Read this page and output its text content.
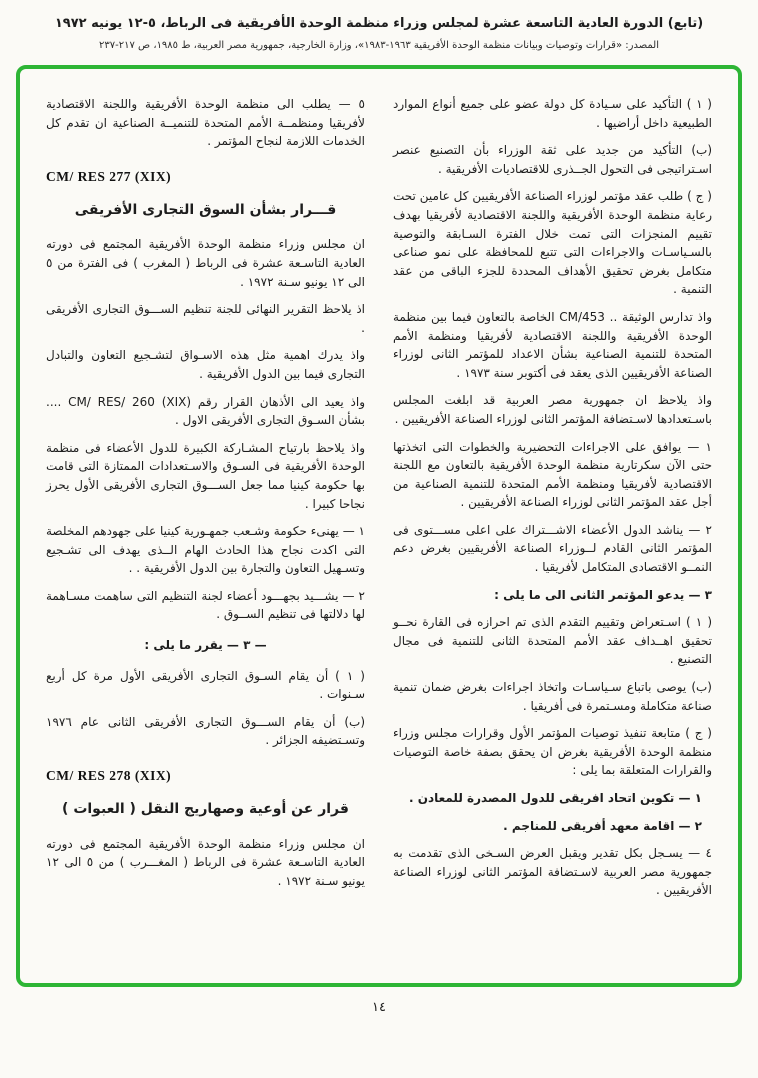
(تابع) الدورة العادية التاسعة عشرة لمجلس وزراء منظمة الوحدة الأفريقية فى الرباط، ٥-١٢ يونيه ١٩٧٢
المصدر: «قرارات وتوصيات وبيانات منظمة الوحدة الأفريقية ١٩٦٣-١٩٨٣»، وزارة الخارجية، جمهورية مصر العربية، ط ١٩٨٥، ص ٢١٧-٢٣٧

( ١ ) التأكيد على سـيادة كل دولة عضو على جميع أنواع الموارد الطبيعية داخل أراضيها .

(ب) التأكيد من جديد على ثقة الوزراء بأن التصنيع عنصر اسـتراتيجى فى التحول الجــذرى للاقتصاديات الأفريقية .

( ج ) طلب عقد مؤتمر لوزراء الصناعة الأفريقيين كل عامين تحت رعاية منظمة الوحدة الأفريقية واللجنة الاقتصادية لأفريقيا بهدف تقييم المنجزات التى تمت خلال الفترة السـابقة والتوصية بالسـياسـات والاجراءات التى تتبع للمحافظة على نمو صناعى متكامل بغرض تحقيق الأهداف المحددة للجزء الباقى من عقد التنمية .

واذ تدارس الوثيقة .. CM/453 الخاصة بالتعاون فيما بين منظمة الوحدة الأفريقية واللجنة الاقتصادية لأفريقيا ومنظمة الأمم المتحدة للتنمية الصناعية بشأن الاعداد للمؤتمر الثانى لوزراء الصناعة الأفريقيين الذى يعقد فى أكتوبر سنة ١٩٧٣ .

واذ يلاحظ ان جمهورية مصر العربية قد ابلغت المجلس باسـتعدادها لاسـتضافة المؤتمر الثانى لوزراء الصناعة الأفريقيين .

١ — يوافق على الاجراءات التحضيرية والخطوات التى اتخذتها حتى الآن سكرتارية منظمة الوحدة الأفريقية بالتعاون مع اللجنة الاقتصادية لأفريقيا ومنظمة الأمم المتحدة للتنمية الصناعية من أجل عقد المؤتمر الثانى لوزراء الصناعة الأفريقيين .

٢ — يناشد الدول الأعضاء الاشـــتراك على اعلى مســـتوى فى المؤتمر الثانى القادم لــوزراء الصناعة الأفريقيين بغرض دعم النمــو الاقتصادى المتكامل لأفريقيا .

٣ — يدعو المؤتمر الثانى الى ما يلى :

( ١ ) اسـتعراض وتقييم التقدم الذى تم احرازه فى القارة نحــو تحقيق اهــداف عقد الأمم المتحدة الثانى للتنمية فى مجال التصنيع .

(ب) يوصى باتباع سـياسـات واتخاذ اجراءات بغرض ضمان تنمية صناعة متكاملة ومسـتمرة فى أفريقيا .

( ج ) متابعة تنفيذ توصيات المؤتمر الأول وقرارات مجلس وزراء منظمة الوحدة الأفريقية بغرض ان يحقق بصفة خاصة التوصيات والقرارات المتعلقة بما يلى :

١ — تكوين اتحاد افريقى للدول المصدرة للمعادن .

٢ — اقامة معهد أفريقى للمناجم .

٤ — يسـجل بكل تقدير ويقبل العرض السـخى الذى تقدمت به جمهورية مصر العربية لاسـتضافة المؤتمر الثانى لوزراء الصناعة الأفريقيين .

٥ — يطلب الى منظمة الوحدة الأفريقية واللجنة الاقتصادية لأفريقيا ومنظمــة الأمم المتحدة للتنميــة الصناعية ان تقدم كل الخدمات اللازمة لنجاح المؤتمر .

CM/ RES 277 (XIX)

قـــرار بشأن السوق التجارى الأفريقى

ان مجلس وزراء منظمة الوحدة الأفريقية المجتمع فى دورته العادية التاسـعة عشرة فى الرباط ( المغرب ) فى الفترة من ٥ الى ١٢ يونيو سـنة ١٩٧٢ .

اذ يلاحظ التقرير النهائى للجنة تنظيم الســـوق التجارى الأفريقى .

واذ يدرك اهمية مثل هذه الاسـواق لتشـجيع التعاون والتبادل التجارى فيما بين الدول الأفريقية .

واذ يعيد الى الأذهان القرار رقم CM/ RES/ 260 (XIX) .... بشأن السـوق التجارى الأفريقى الاول .

واذ يلاحظ بارتياح المشـاركة الكبيرة للدول الأعضاء فى منظمة الوحدة الأفريقية فى السـوق والاسـتعدادات الممتازة التى قامت بها حكومة كينيا مما جعل الســـوق التجارى الأفريقى الأول يحرز نجاحا كبيرا .

١ — يهنىء حكومة وشـعب جمهـورية كينيا على جهودهم المخلصة التى اكدت نجاح هذا الحادث الهام الــذى يهدف الى تشـجيع وتسـهيل التعاون والتجارة بين الدول الأفريقية . .

٢ — يشـــيد بجهـــود أعضاء لجنة التنظيم التى ساهمت مسـاهمة لها دلالتها فى تنظيم الســوق .

— ٣ — يقرر ما يلى :

( ١ ) أن يقام السـوق التجارى الأفريقى الأول مرة كل أربع سـنوات .

(ب) أن يقام الســـوق التجارى الأفريقى الثانى عام ١٩٧٦ وتسـتضيفه الجزائر .

CM/ RES 278 (XIX)

قرار عن أوعية وصهاريج النقل ( العبوات )

ان مجلس وزراء منظمة الوحدة الأفريقية المجتمع فى دورته العادية التاسـعة عشرة فى الرباط ( المغـــرب ) من ٥ الى ١٢ يونيو سـنة ١٩٧٢ .

١٤
